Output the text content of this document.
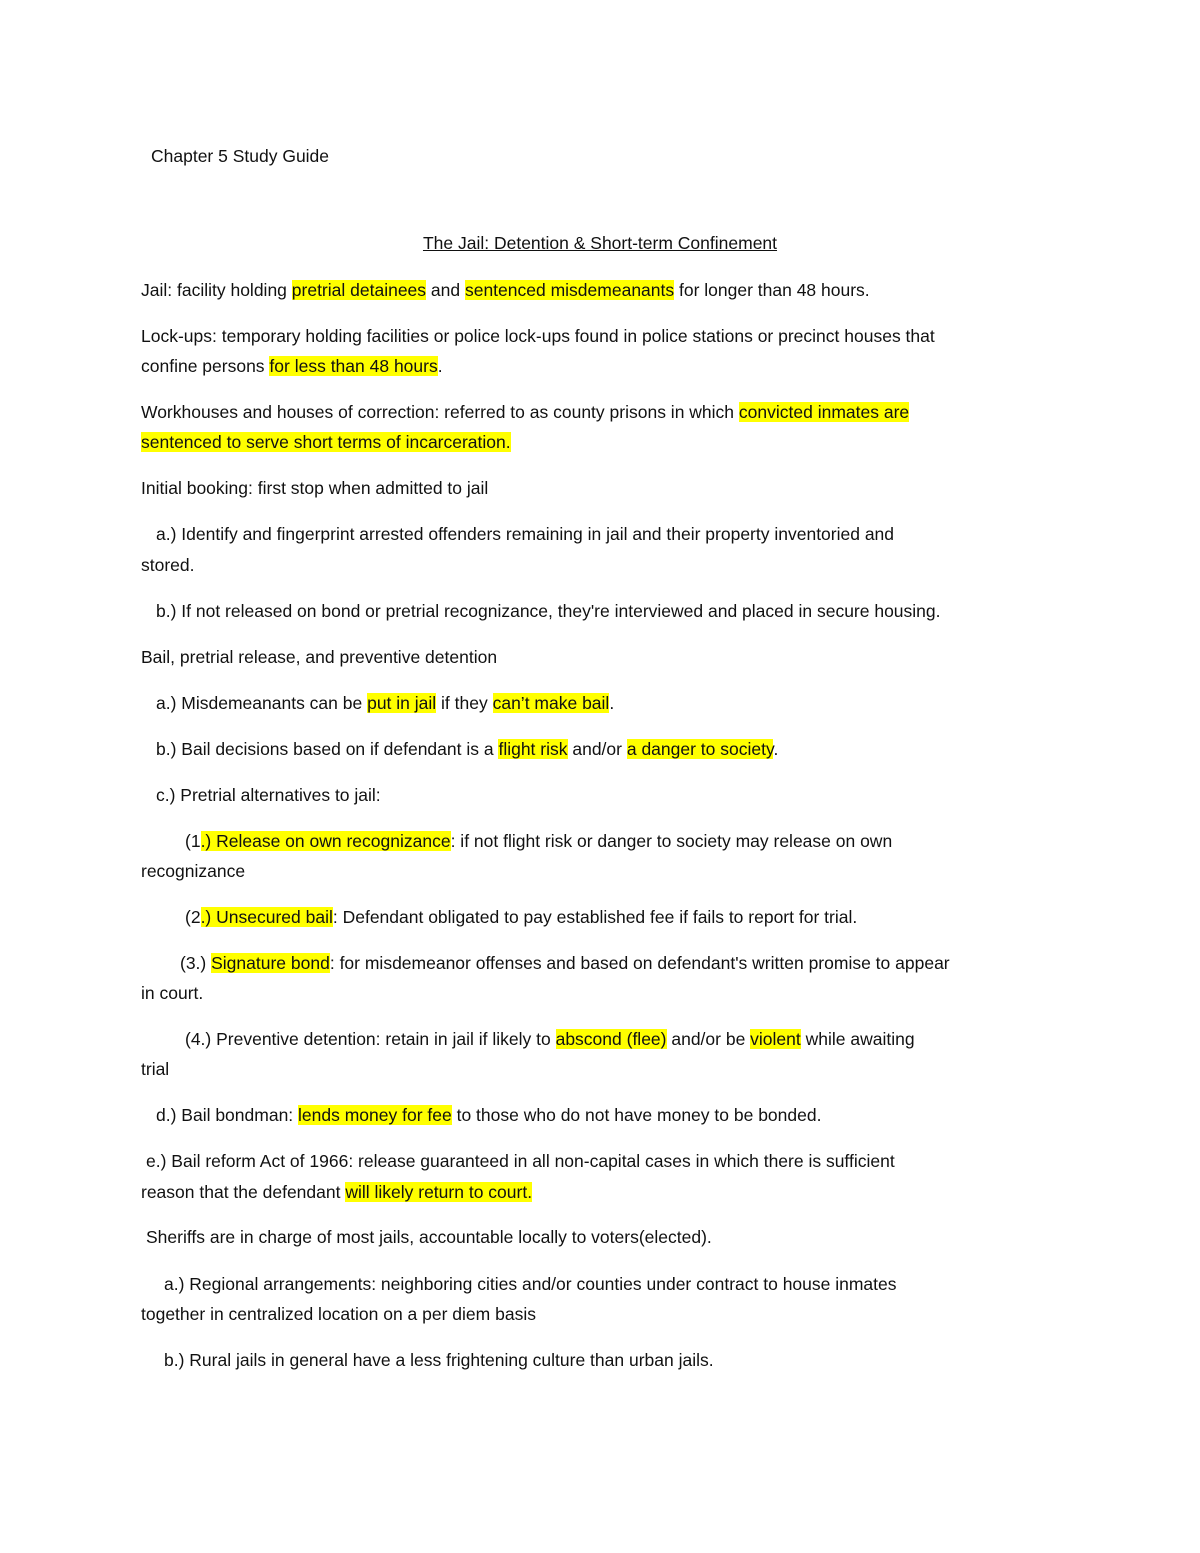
Chapter 5 Study Guide
The Jail: Detention & Short-term Confinement
Jail: facility holding pretrial detainees and sentenced misdemeanants for longer than 48 hours.
Lock-ups: temporary holding facilities or police lock-ups found in police stations or precinct houses that
confine persons for less than 48 hours.
Workhouses and houses of correction: referred to as county prisons in which convicted inmates are
sentenced to serve short terms of incarceration.
Initial booking: first stop when admitted to jail
a.) Identify and fingerprint arrested offenders remaining in jail and their property inventoried and
stored.
b.) If not released on bond or pretrial recognizance, they're interviewed and placed in secure housing.
Bail, pretrial release, and preventive detention
a.) Misdemeanants can be put in jail if they can’t make bail.
b.) Bail decisions based on if defendant is a flight risk and/or a danger to society.
c.) Pretrial alternatives to jail:
(1.) Release on own recognizance: if not flight risk or danger to society may release on own
recognizance
(2.) Unsecured bail: Defendant obligated to pay established fee if fails to report for trial.
(3.) Signature bond: for misdemeanor offenses and based on defendant's written promise to appear
in court.
(4.) Preventive detention: retain in jail if likely to abscond (flee) and/or be violent while awaiting
trial
d.) Bail bondman: lends money for fee to those who do not have money to be bonded.
e.) Bail reform Act of 1966: release guaranteed in all non-capital cases in which there is sufficient
reason that the defendant will likely return to court.
Sheriffs are in charge of most jails, accountable locally to voters(elected).
a.) Regional arrangements: neighboring cities and/or counties under contract to house inmates
together in centralized location on a per diem basis
b.) Rural jails in general have a less frightening culture than urban jails.
